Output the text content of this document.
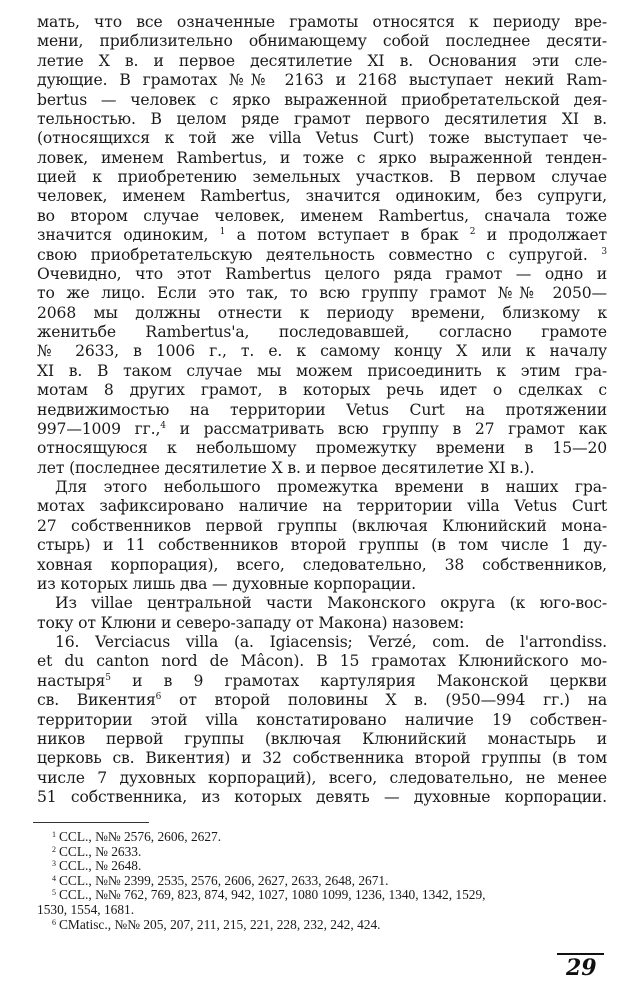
мать, что все означенные грамоты относятся к периоду вре-
мени, приблизительно обнимающему собой последнее десяти-
летие X в. и первое десятилетие XI в. Основания эти сле-
дующие. В грамотах №№ 2163 и 2168 выступает некий Ram-
bertus — человек с ярко выраженной приобретательской дея-
тельностью. В целом ряде грамот первого десятилетия XI в.
(относящихся к той же villa Vetus Curt) тоже выступает че-
ловек, именем Rambertus, и тоже с ярко выраженной тенден-
цией к приобретению земельных участков. В первом случае
человек, именем Rambertus, значится одиноким, без супруги,
во втором случае человек, именем Rambertus, сначала тоже
значится одиноким, $^1$ а потом вступает в брак $^2$ и продолжает
свою приобретательскую деятельность совместно с супругой. $^3$
Очевидно, что этот Rambertus целого ряда грамот — одно и
то же лицо. Если это так, то всю группу грамот №№ 2050—
2068 мы должны отнести к периоду времени, близкому к
женитьбе Rambertus'a, последовавшей, согласно грамоте
№ 2633, в 1006 г., т. е. к самому концу X или к началу
XI в. В таком случае мы можем присоединить к этим гра-
мотам 8 других грамот, в которых речь идет о сделках с
недвижимостью на территории Vetus Curt на протяжении
997—1009 гг.,$^4$ и рассматривать всю группу в 27 грамот как
относящуюся к небольшому промежутку времени в 15—20
лет (последнее десятилетие X в. и первое десятилетие XI в.).
Для этого небольшого промежутка времени в наших гра-
мотах зафиксировано наличие на территории villa Vetus Curt
27 собственников первой группы (включая Клюнийский мона-
стырь) и 11 собственников второй группы (в том числе 1 ду-
ховная корпорация), всего, следовательно, 38 собственников,
из которых лишь два — духовные корпорации.
Из villae центральной части Маконского округа (к юго-вос-
току от Клюни и северо-западу от Макона) назовем:
16. Verciacus villa (a. Igiacensis; Verzé, com. de l'arrondiss.
et du canton nord de Mâcon). В 15 грамотах Клюнийского мо-
настыря$^5$ и в 9 грамотах картулярия Маконской церкви
св. Викентия$^6$ от второй половины X в. (950—994 гг.) на
территории этой villa констатировано наличие 19 собствен-
ников первой группы (включая Клюнийский монастырь и
церковь св. Викентия) и 32 собственника второй группы (в том
числе 7 духовных корпораций), всего, следовательно, не менее
51 собственника, из которых девять — духовные корпорации.
$^1$ CCL., №№ 2576, 2606, 2627.
$^2$ CCL., № 2633.
$^3$ CCL., № 2648.
$^4$ CCL., №№ 2399, 2535, 2576, 2606, 2627, 2633, 2648, 2671.
$^5$ CCL., №№ 762, 769, 823, 874, 942, 1027, 1080 1099, 1236, 1340, 1342, 1529,
1530, 1554, 1681.
$^6$ CMatisc., №№ 205, 207, 211, 215, 221, 228, 232, 242, 424.
29
